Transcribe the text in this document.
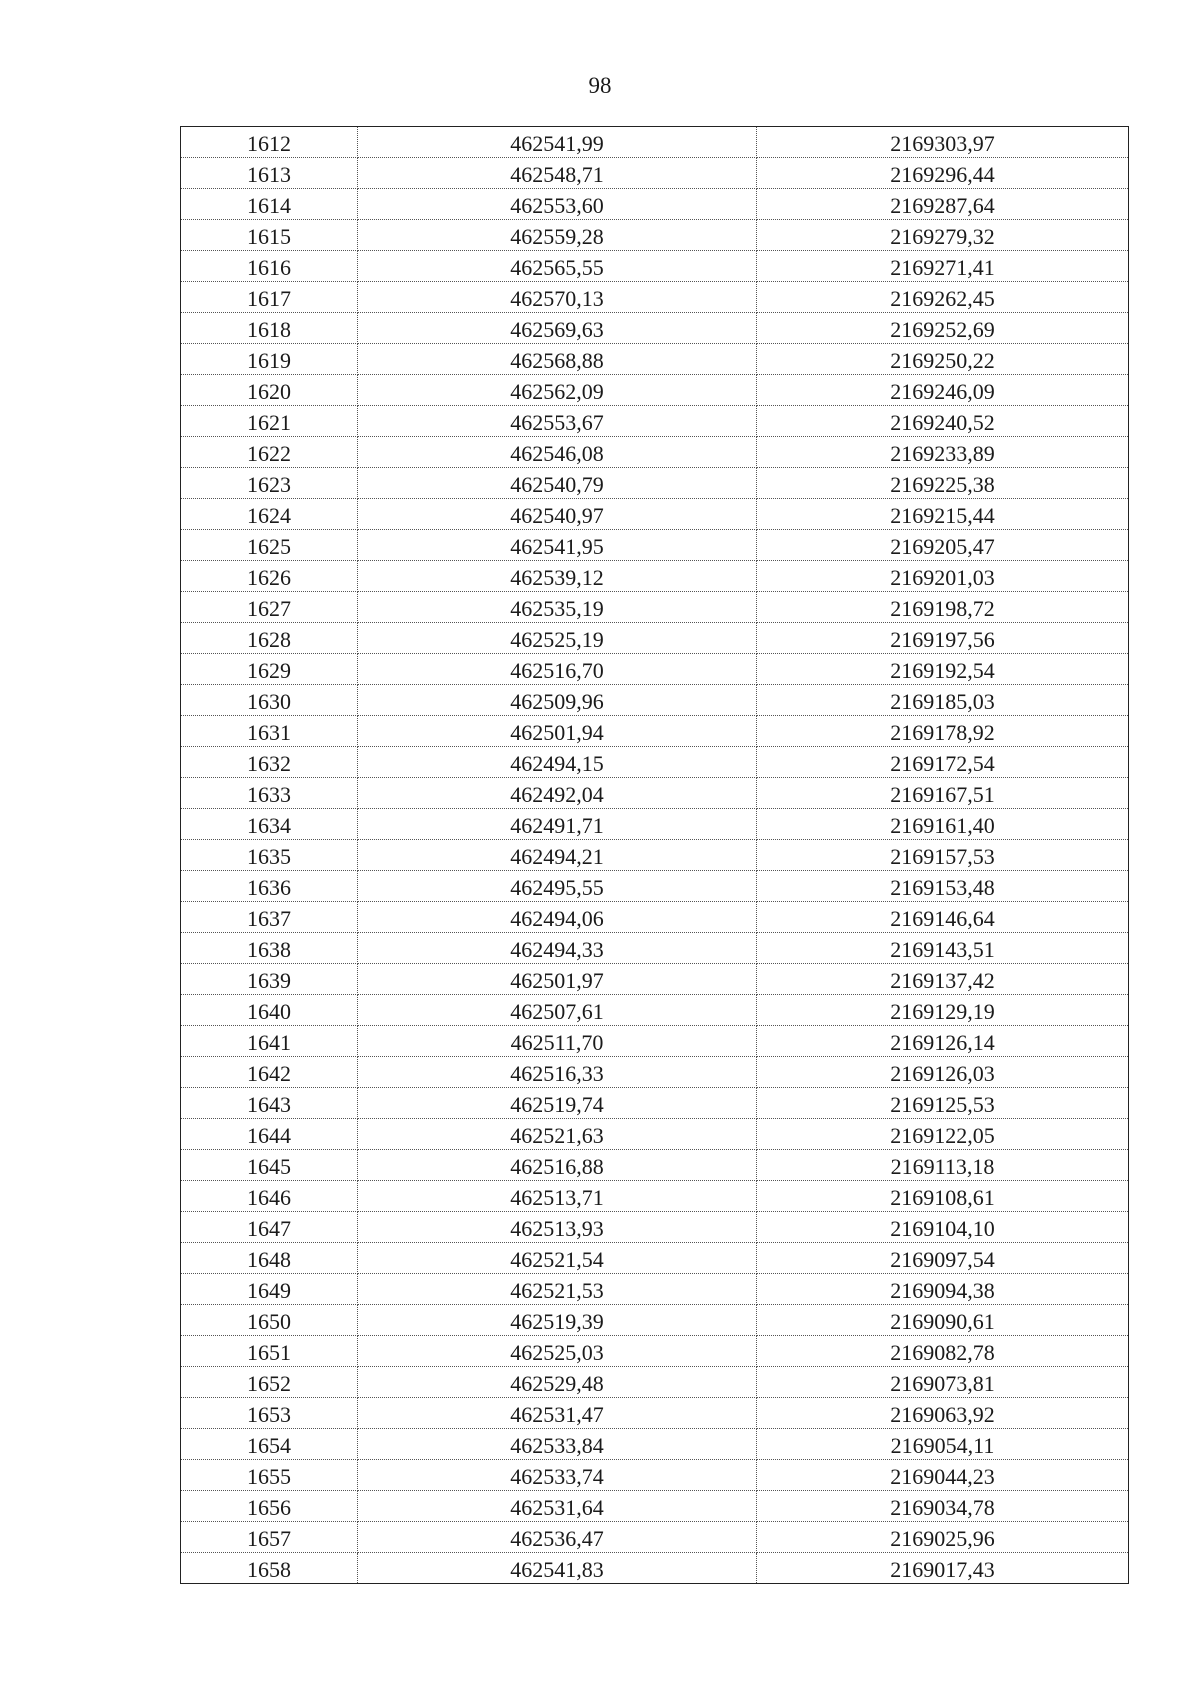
98
1612	462541,99	2169303,97
1613	462548,71	2169296,44
1614	462553,60	2169287,64
1615	462559,28	2169279,32
1616	462565,55	2169271,41
1617	462570,13	2169262,45
1618	462569,63	2169252,69
1619	462568,88	2169250,22
1620	462562,09	2169246,09
1621	462553,67	2169240,52
1622	462546,08	2169233,89
1623	462540,79	2169225,38
1624	462540,97	2169215,44
1625	462541,95	2169205,47
1626	462539,12	2169201,03
1627	462535,19	2169198,72
1628	462525,19	2169197,56
1629	462516,70	2169192,54
1630	462509,96	2169185,03
1631	462501,94	2169178,92
1632	462494,15	2169172,54
1633	462492,04	2169167,51
1634	462491,71	2169161,40
1635	462494,21	2169157,53
1636	462495,55	2169153,48
1637	462494,06	2169146,64
1638	462494,33	2169143,51
1639	462501,97	2169137,42
1640	462507,61	2169129,19
1641	462511,70	2169126,14
1642	462516,33	2169126,03
1643	462519,74	2169125,53
1644	462521,63	2169122,05
1645	462516,88	2169113,18
1646	462513,71	2169108,61
1647	462513,93	2169104,10
1648	462521,54	2169097,54
1649	462521,53	2169094,38
1650	462519,39	2169090,61
1651	462525,03	2169082,78
1652	462529,48	2169073,81
1653	462531,47	2169063,92
1654	462533,84	2169054,11
1655	462533,74	2169044,23
1656	462531,64	2169034,78
1657	462536,47	2169025,96
1658	462541,83	2169017,43
